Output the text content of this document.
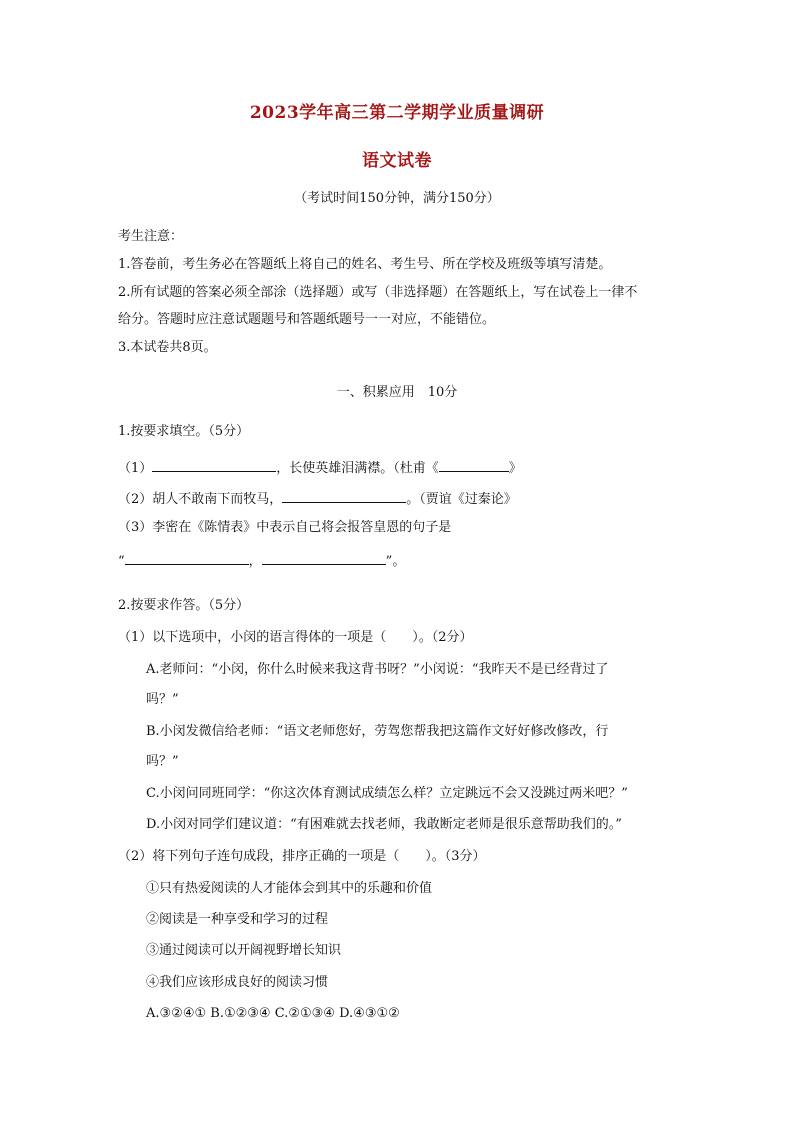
2023学年高三第二学期学业质量调研
语文试卷
（考试时间150分钟，满分150分）
考生注意：
1.答卷前，考生务必在答题纸上将自己的姓名、考生号、所在学校及班级等填写清楚。
2.所有试题的答案必须全部涂（选择题）或写（非选择题）在答题纸上，写在试卷上一律不
给分。答题时应注意试题题号和答题纸题号一一对应，不能错位。
3.本试卷共8页。
一、积累应用　10分
1.按要求填空。（5分）
（1）	，长使英雄泪满襟。（杜甫《	》
（2）胡人不敢南下而牧马，	。（贾谊《过秦论》
（3）李密在《陈情表》中表示自己将会报答皇恩的句子是
“	，	”。
2.按要求作答。（5分）
（1）以下选项中，小闵的语言得体的一项是（　　）。（2分）
A.老师问：“小闵，你什么时候来我这背书呀？”小闵说：“我昨天不是已经背过了
吗？”
B.小闵发微信给老师：“语文老师您好，劳驾您帮我把这篇作文好好修改修改，行
吗？”
C.小闵问同班同学：“你这次体育测试成绩怎么样？立定跳远不会又没跳过两米吧？”
D.小闵对同学们建议道：“有困难就去找老师，我敢断定老师是很乐意帮助我们的。”
（2）将下列句子连句成段，排序正确的一项是（　　）。（3分）
①只有热爱阅读的人才能体会到其中的乐趣和价值
②阅读是一种享受和学习的过程
③通过阅读可以开阔视野增长知识
④我们应该形成良好的阅读习惯
A.③②④① B.①②③④ C.②①③④ D.④③①②
